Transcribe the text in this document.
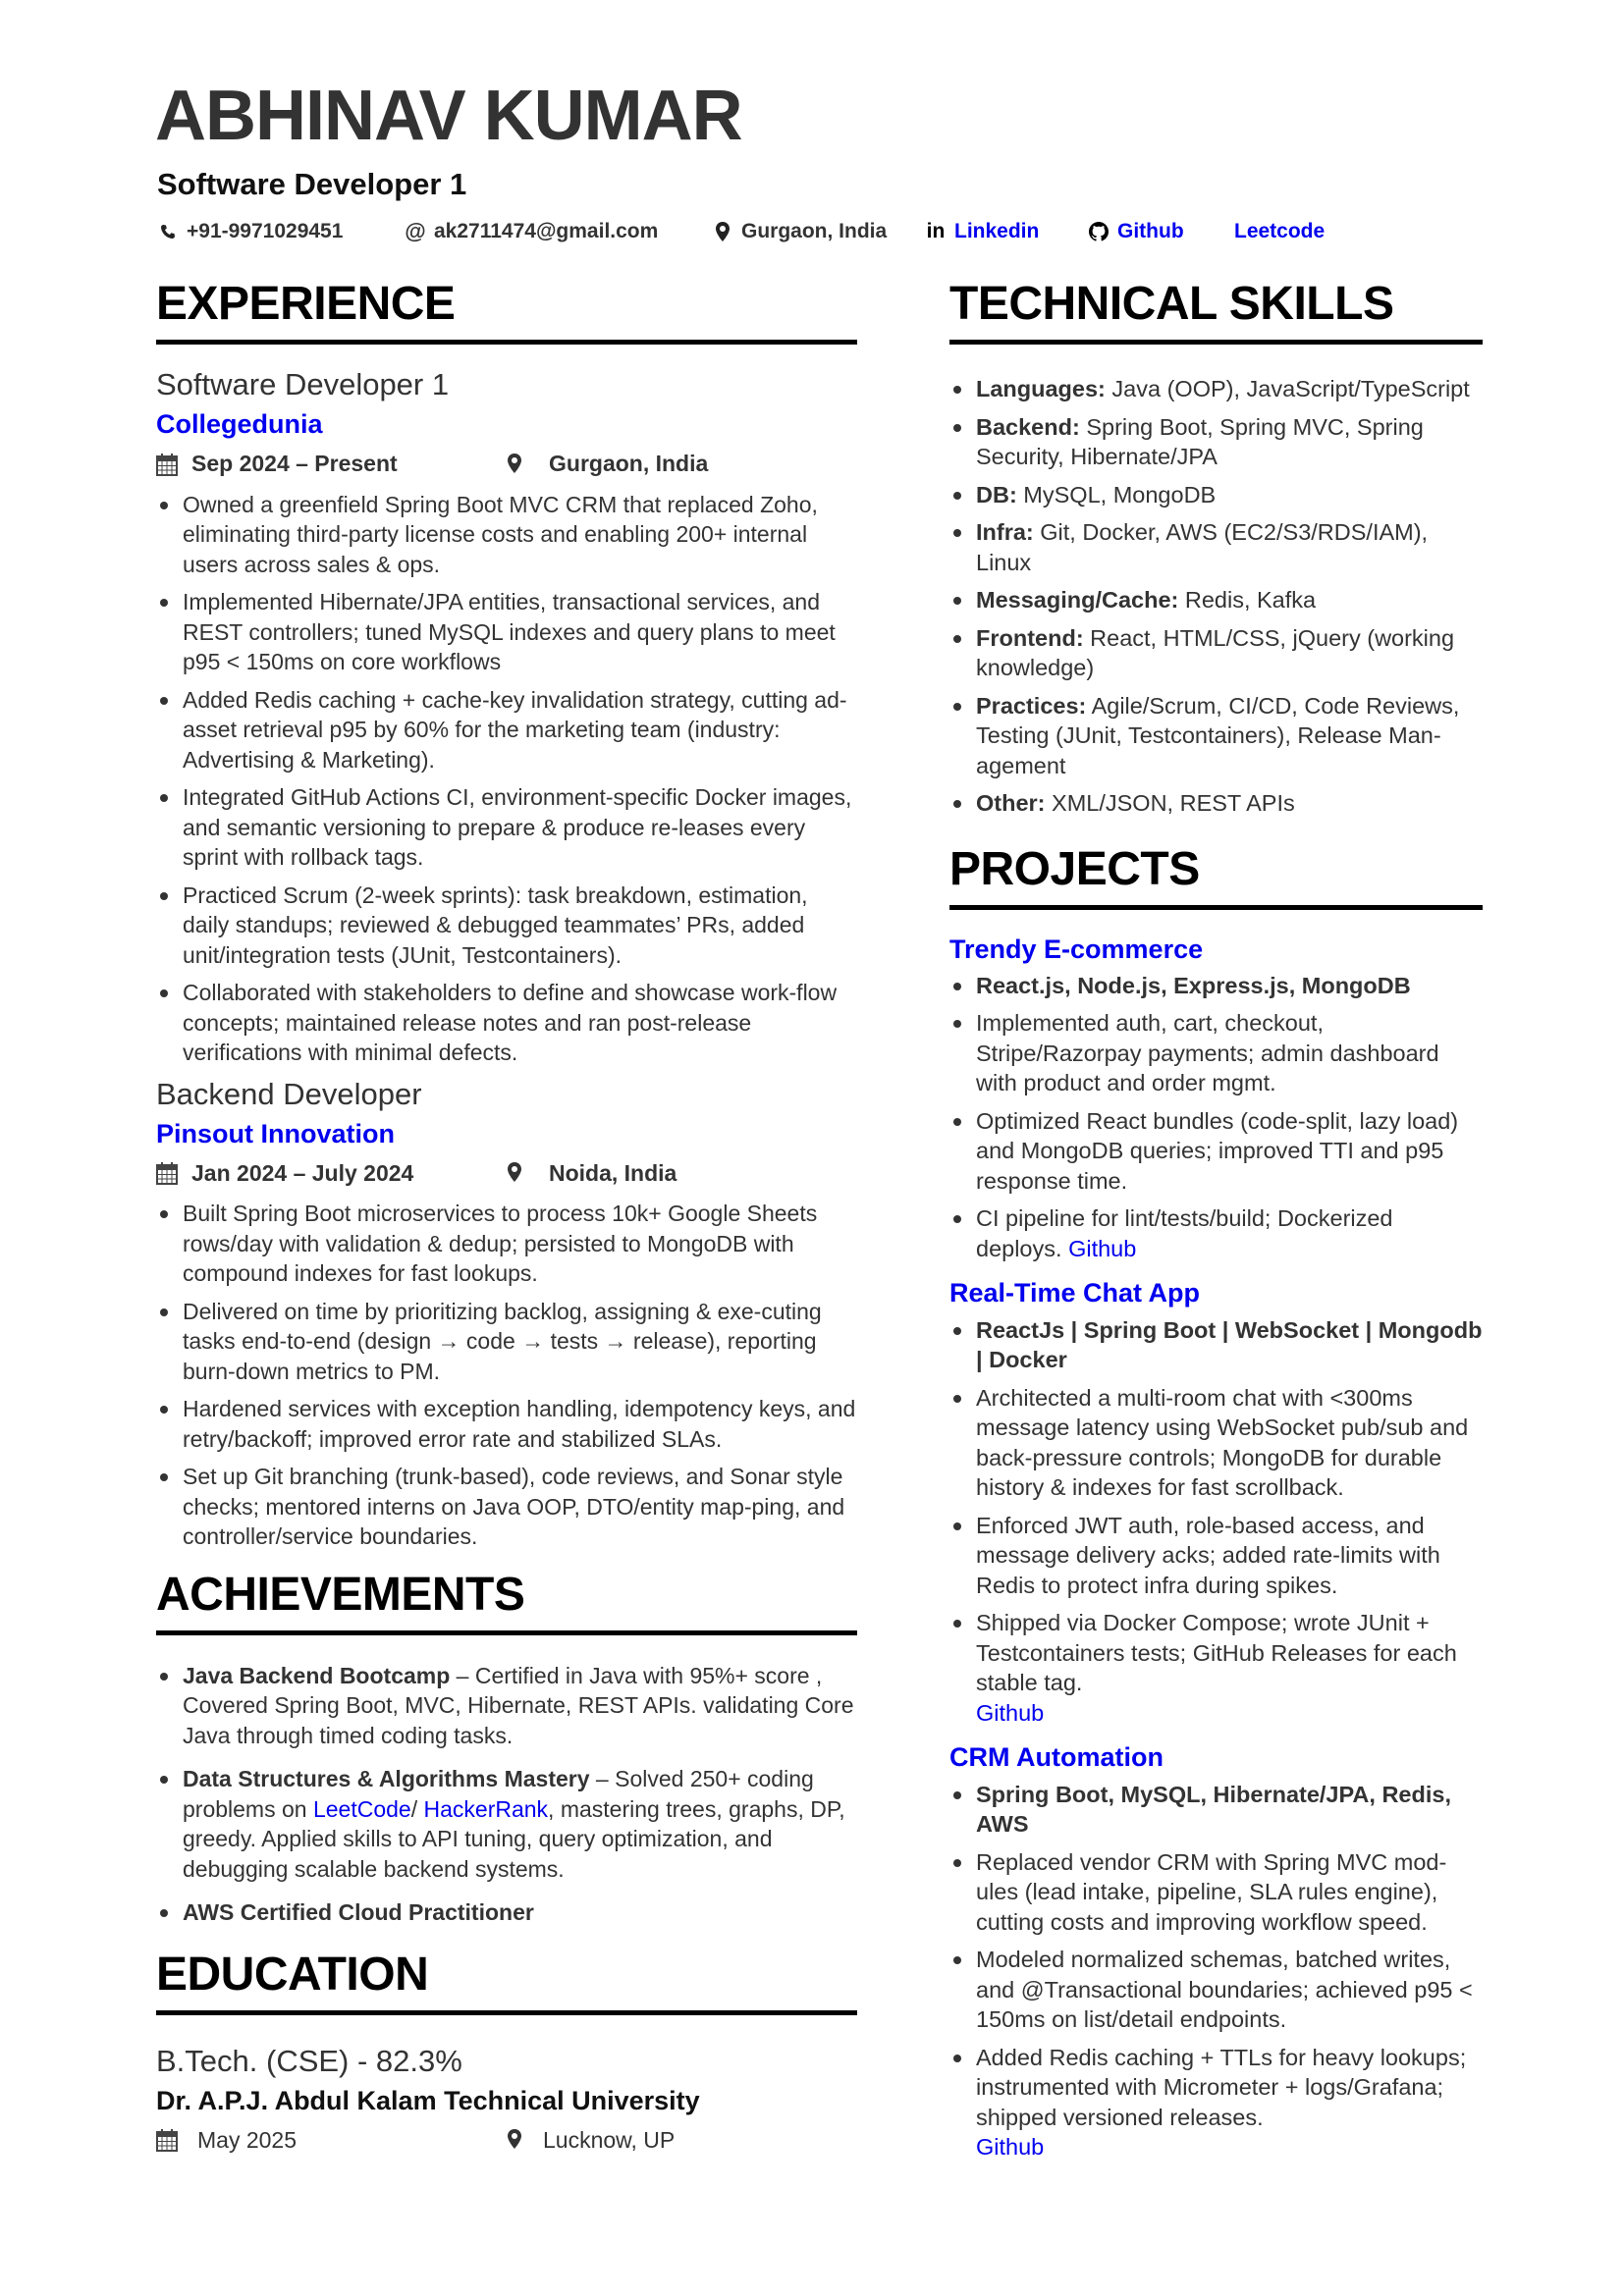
ABHINAV KUMAR
Software Developer 1
+91-9971029451	@ ak2711474@gmail.com	Gurgaon, India in Linkedin	Github Leetcode
EXPERIENCE
Software Developer 1
Collegedunia
Sep 2024 – Present	Gurgaon, India
Owned a greenfield Spring Boot MVC CRM that replaced Zoho, eliminating third-party license costs and enabling 200+ internal users across sales & ops.
Implemented Hibernate/JPA entities, transactional services, and REST controllers; tuned MySQL indexes and query plans to meet p95 < 150ms on core workflows
Added Redis caching + cache-key invalidation strategy, cutting ad-asset retrieval p95 by 60% for the marketing team (industry: Advertising & Marketing).
Integrated GitHub Actions CI, environment-specific Docker images, and semantic versioning to prepare & produce re-leases every sprint with rollback tags.
Practiced Scrum (2-week sprints): task breakdown, estimation, daily standups; reviewed & debugged teammates’ PRs, added unit/integration tests (JUnit, Testcontainers).
Collaborated with stakeholders to define and showcase work-flow concepts; maintained release notes and ran post-release verifications with minimal defects.
Backend Developer
Pinsout Innovation
Jan 2024 – July 2024	Noida, India
Built Spring Boot microservices to process 10k+ Google Sheets rows/day with validation & dedup; persisted to MongoDB with compound indexes for fast lookups.
Delivered on time by prioritizing backlog, assigning & exe-cuting tasks end-to-end (design → code → tests → release), reporting burn-down metrics to PM.
Hardened services with exception handling, idempotency keys, and retry/backoff; improved error rate and stabilized SLAs.
Set up Git branching (trunk-based), code reviews, and Sonar style checks; mentored interns on Java OOP, DTO/entity map-ping, and controller/service boundaries.
ACHIEVEMENTS
Java Backend Bootcamp – Certified in Java with 95%+ score , Covered Spring Boot, MVC, Hibernate, REST APIs. validating Core Java through timed coding tasks.
Data Structures & Algorithms Mastery – Solved 250+ coding problems on LeetCode/ HackerRank, mastering trees, graphs, DP, greedy. Applied skills to API tuning, query optimization, and debugging scalable backend systems.
AWS Certified Cloud Practitioner
EDUCATION
B.Tech. (CSE) - 82.3%
Dr. A.P.J. Abdul Kalam Technical University
May 2025	Lucknow, UP
TECHNICAL SKILLS
Languages: Java (OOP), JavaScript/TypeScript
Backend: Spring Boot, Spring MVC, Spring Security, Hibernate/JPA
DB: MySQL, MongoDB
Infra: Git, Docker, AWS (EC2/S3/RDS/IAM), Linux
Messaging/Cache: Redis, Kafka
Frontend: React, HTML/CSS, jQuery (working knowledge)
Practices: Agile/Scrum, CI/CD, Code Reviews, Testing (JUnit, Testcontainers), Release Man-agement
Other: XML/JSON, REST APIs
PROJECTS
Trendy E-commerce
React.js, Node.js, Express.js, MongoDB
Implemented auth, cart, checkout, Stripe/Razorpay payments; admin dashboard with product and order mgmt.
Optimized React bundles (code-split, lazy load) and MongoDB queries; improved TTI and p95 response time.
CI pipeline for lint/tests/build; Dockerized deploys. Github
Real-Time Chat App
ReactJs | Spring Boot | WebSocket | Mongodb | Docker
Architected a multi-room chat with <300ms message latency using WebSocket pub/sub and back-pressure controls; MongoDB for durable history & indexes for fast scrollback.
Enforced JWT auth, role-based access, and message delivery acks; added rate-limits with Redis to protect infra during spikes.
Shipped via Docker Compose; wrote JUnit + Testcontainers tests; GitHub Releases for each stable tag.
Github
CRM Automation
Spring Boot, MySQL, Hibernate/JPA, Redis, AWS
Replaced vendor CRM with Spring MVC mod-ules (lead intake, pipeline, SLA rules engine), cutting costs and improving workflow speed.
Modeled normalized schemas, batched writes, and @Transactional boundaries; achieved p95 < 150ms on list/detail endpoints.
Added Redis caching + TTLs for heavy lookups; instrumented with Micrometer + logs/Grafana; shipped versioned releases.
Github
